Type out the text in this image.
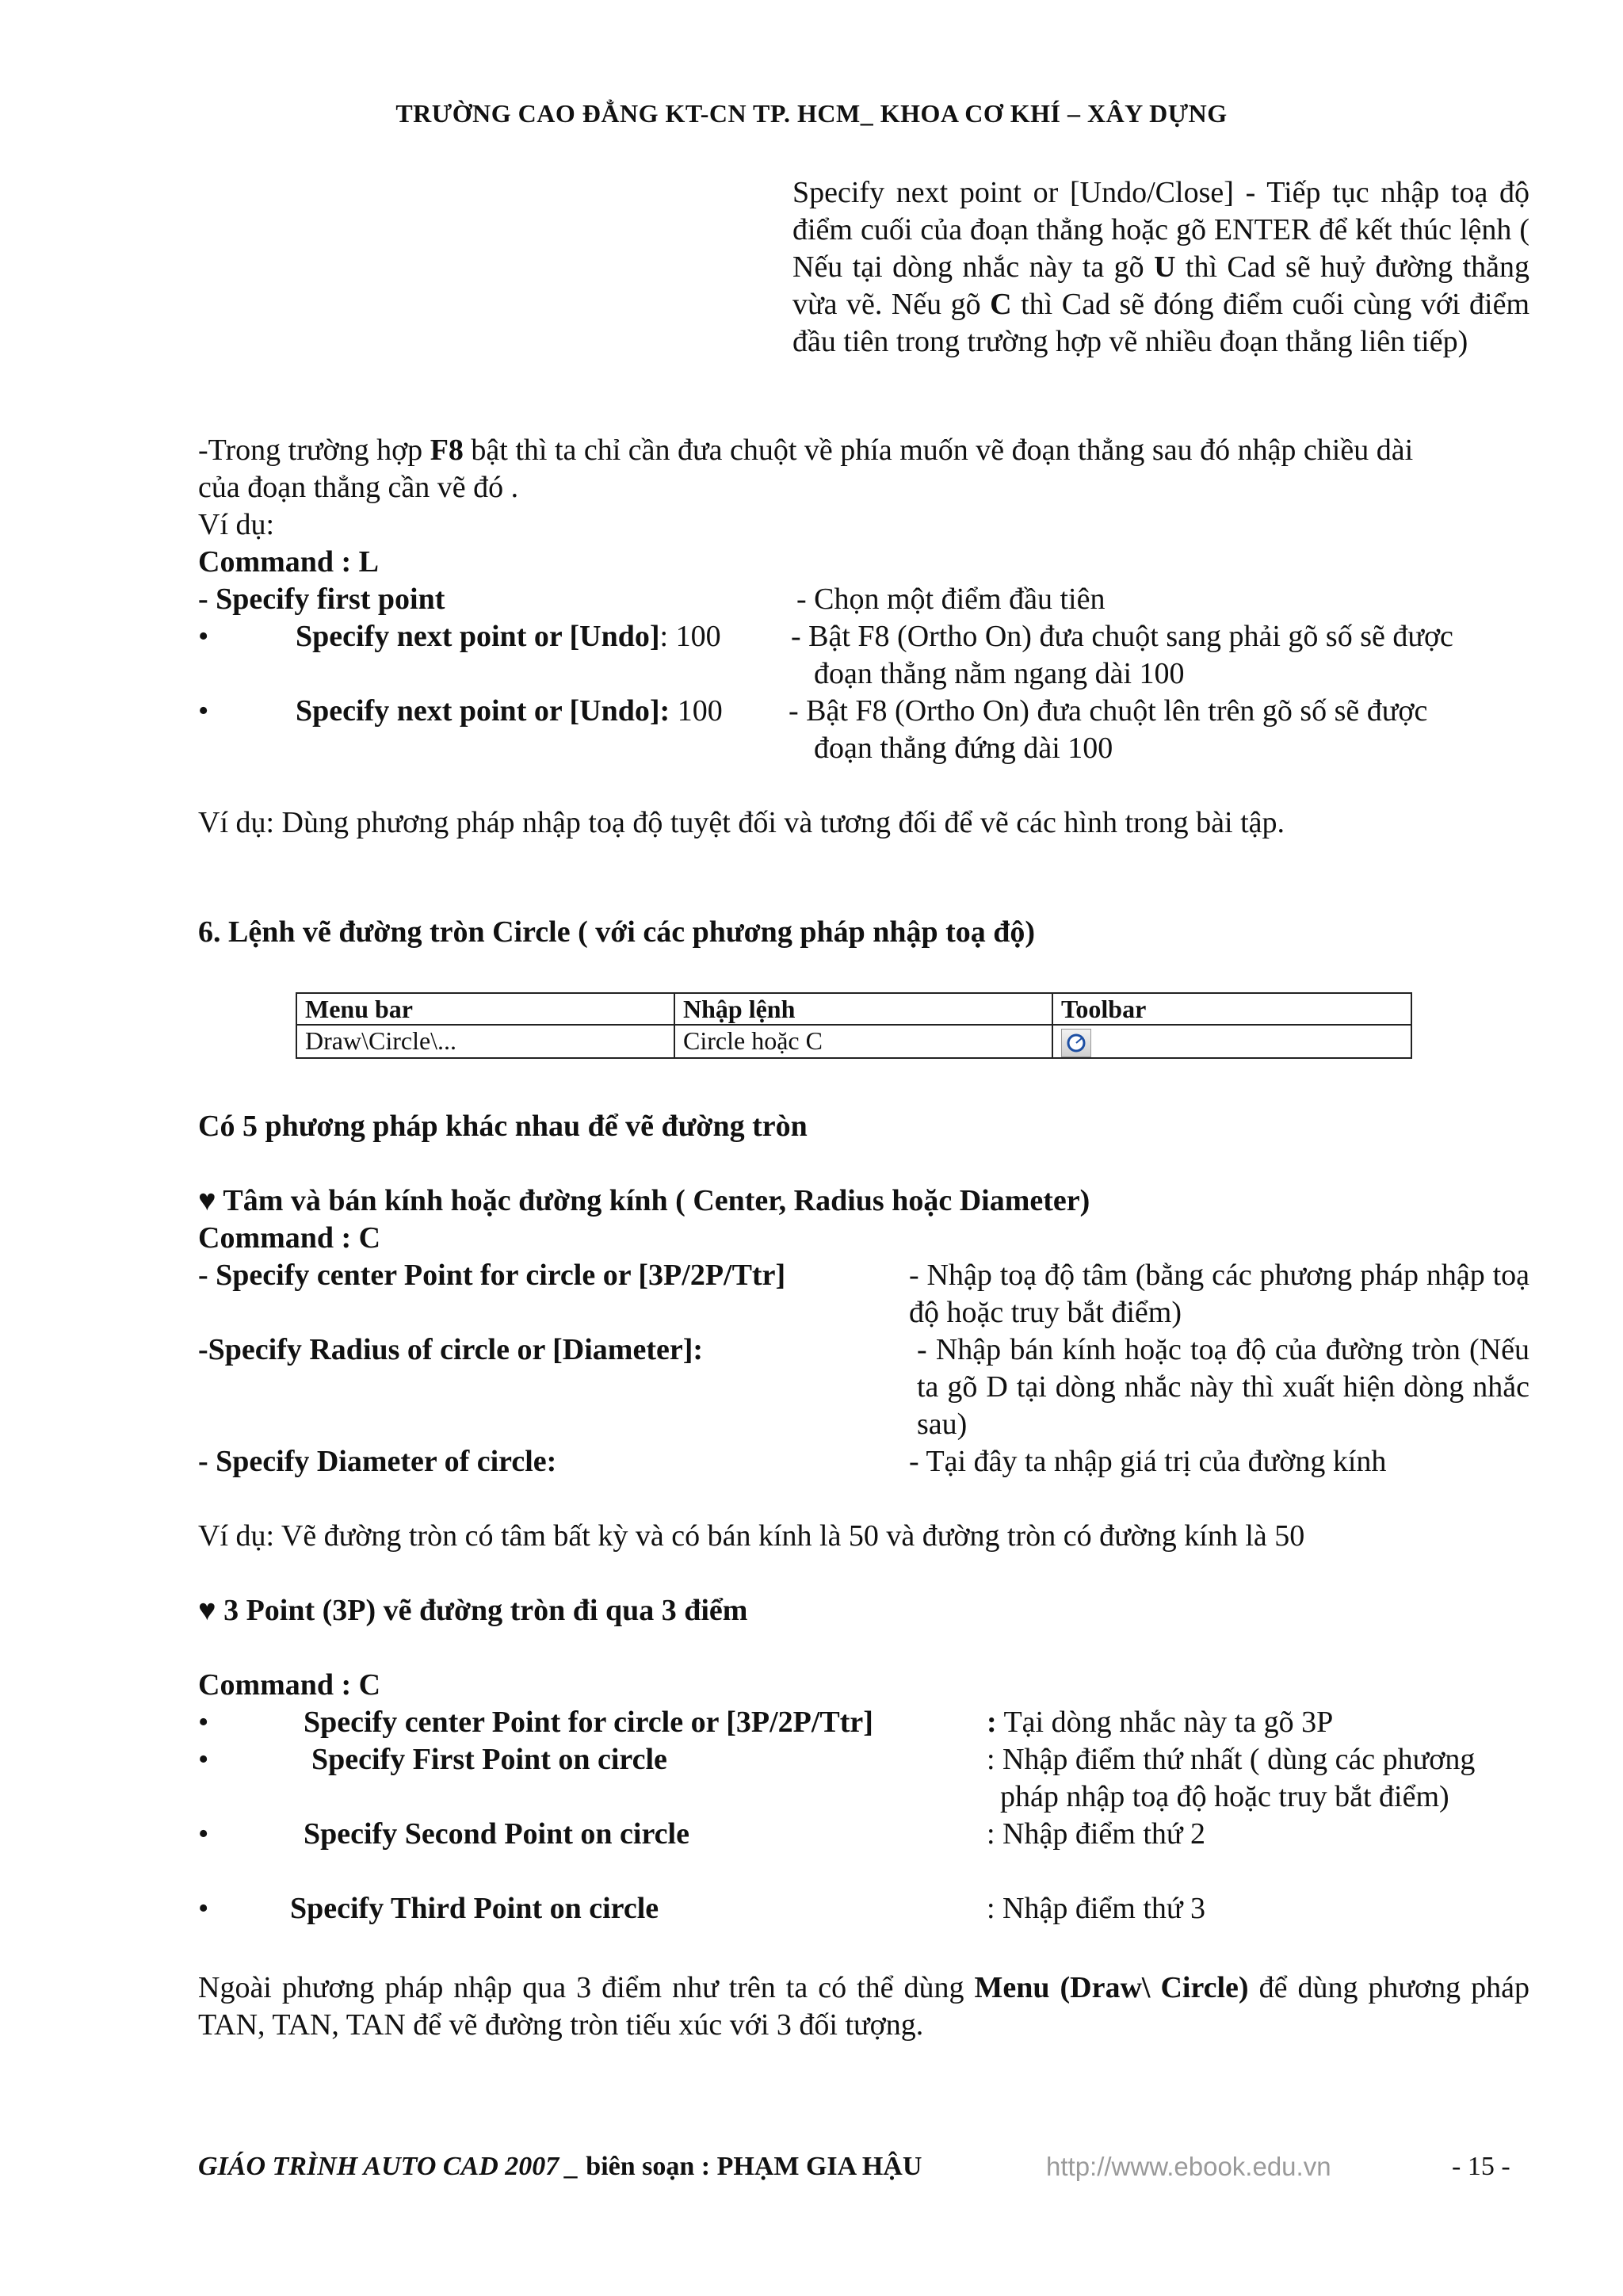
TRƯỜNG CAO ĐẲNG KT-CN TP. HCM_ KHOA CƠ KHÍ – XÂY DỰNG
Specify next point or [Undo/Close] - Tiếp tục nhập toạ độ điểm cuối của đoạn thẳng hoặc gõ ENTER để kết thúc lệnh ( Nếu tại dòng nhắc này ta gõ U thì Cad sẽ huỷ đường thẳng vừa vẽ. Nếu gõ C thì Cad sẽ đóng điểm cuối cùng với điểm đầu tiên trong trường hợp vẽ nhiều đoạn thẳng liên tiếp)
-Trong trường hợp F8 bật thì ta chỉ cần đưa chuột về phía muốn vẽ đoạn thẳng sau đó nhập chiều dài
của đoạn thẳng cần vẽ đó .
Ví dụ:
Command : L
- Specify first point	- Chọn một điểm đầu tiên
•	Specify next point or [Undo]: 100 - Bật F8 (Ortho On) đưa chuột sang phải gõ số sẽ được
đoạn thẳng nằm ngang dài 100
•	Specify next point or [Undo]: 100 - Bật F8 (Ortho On) đưa chuột lên trên gõ số sẽ được
đoạn thẳng đứng dài 100
Ví dụ: Dùng phương pháp nhập toạ độ tuyệt đối và tương đối để vẽ các hình trong bài tập.
6. Lệnh vẽ đường tròn Circle ( với các phương pháp nhập toạ độ)
Menu bar	Nhập lệnh	Toolbar
Draw\Circle\...	Circle hoặc C	
Có 5 phương pháp khác nhau để vẽ đường tròn
♥ Tâm và bán kính hoặc đường kính ( Center, Radius hoặc Diameter)
Command : C
- Specify center Point for circle or [3P/2P/Ttr]	- Nhập toạ độ tâm (bằng các phương pháp nhập toạ độ hoặc truy bắt điểm)
-Specify Radius of circle or [Diameter]:	- Nhập bán kính hoặc toạ độ của đường tròn (Nếu ta gõ D tại dòng nhắc này thì xuất hiện dòng nhắc sau)
- Specify Diameter of circle:	- Tại đây ta nhập giá trị của đường kính
Ví dụ: Vẽ đường tròn có tâm bất kỳ và có bán kính là 50 và đường tròn có đường kính là 50
♥ 3 Point (3P) vẽ đường tròn đi qua 3 điểm
Command : C
•	Specify center Point for circle or [3P/2P/Ttr]	: Tại dòng nhắc này ta gõ 3P
•	Specify First Point on circle	: Nhập điểm thứ nhất ( dùng các phương
pháp nhập toạ độ hoặc truy bắt điểm)
•	Specify Second Point on circle	: Nhập điểm thứ 2
•	Specify Third Point on circle	: Nhập điểm thứ 3
Ngoài phương pháp nhập qua 3 điểm như trên ta có thể dùng Menu (Draw\ Circle) để dùng phương pháp TAN, TAN, TAN để vẽ đường tròn tiếu xúc với 3 đối tượng.
GIÁO TRÌNH AUTO CAD 2007 _ biên soạn : PHẠM GIA HẬU	http://www.ebook.edu.vn	- 15 -
